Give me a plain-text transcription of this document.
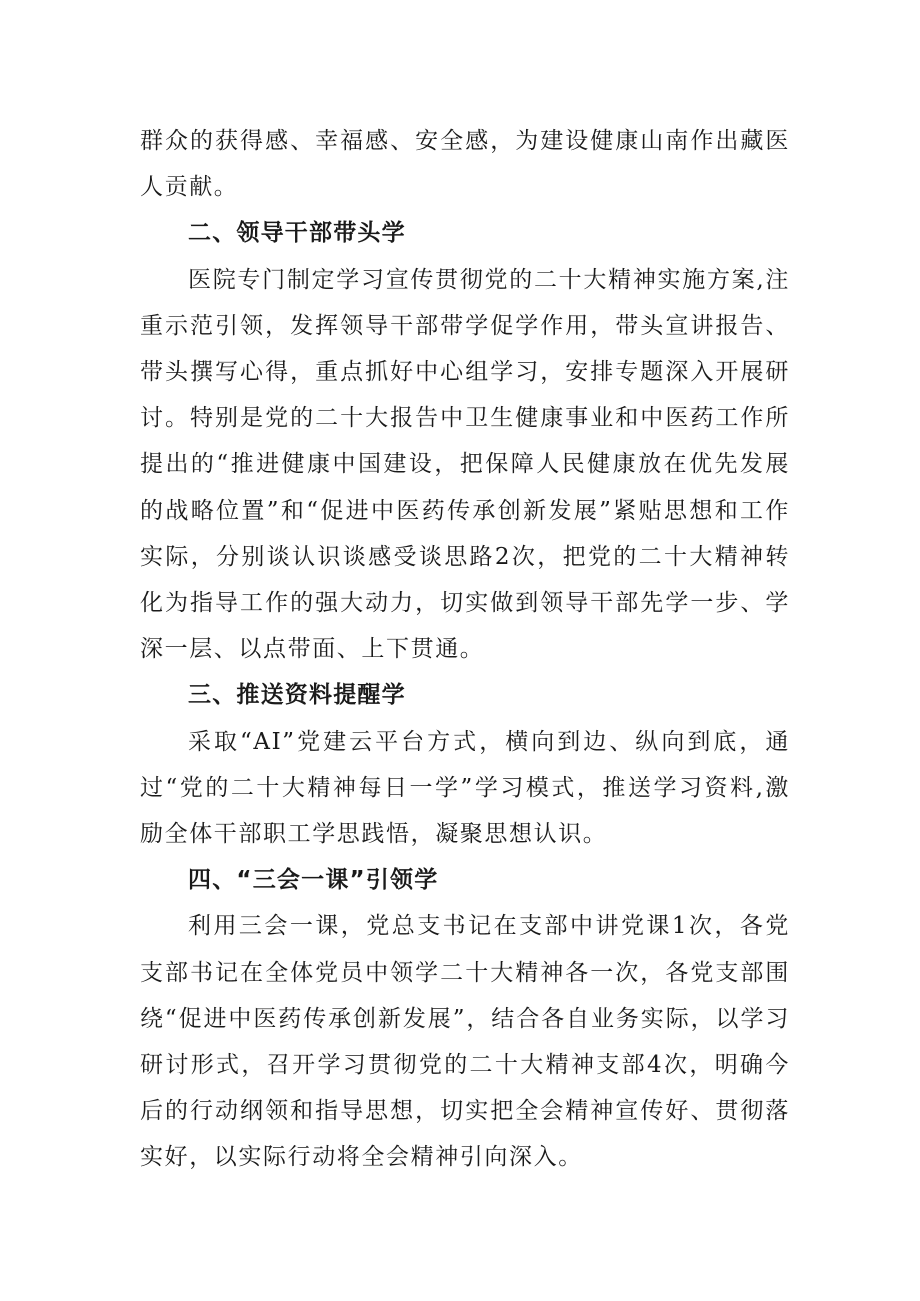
群众的获得感、幸福感、安全感，为建设健康山南作出藏医人贡献。

二、领导干部带头学

医院专门制定学习宣传贯彻党的二十大精神实施方案,注重示范引领，发挥领导干部带学促学作用，带头宣讲报告、带头撰写心得，重点抓好中心组学习，安排专题深入开展研讨。特别是党的二十大报告中卫生健康事业和中医药工作所提出的“推进健康中国建设，把保障人民健康放在优先发展的战略位置”和“促进中医药传承创新发展”紧贴思想和工作实际，分别谈认识谈感受谈思路2次，把党的二十大精神转化为指导工作的强大动力，切实做到领导干部先学一步、学深一层、以点带面、上下贯通。

三、推送资料提醒学

采取“AI”党建云平台方式，横向到边、纵向到底，通过“党的二十大精神每日一学”学习模式，推送学习资料,激励全体干部职工学思践悟，凝聚思想认识。

四、“三会一课”引领学

利用三会一课，党总支书记在支部中讲党课1次，各党支部书记在全体党员中领学二十大精神各一次，各党支部围绕“促进中医药传承创新发展”，结合各自业务实际，以学习研讨形式，召开学习贯彻党的二十大精神支部4次，明确今后的行动纲领和指导思想，切实把全会精神宣传好、贯彻落实好，以实际行动将全会精神引向深入。
